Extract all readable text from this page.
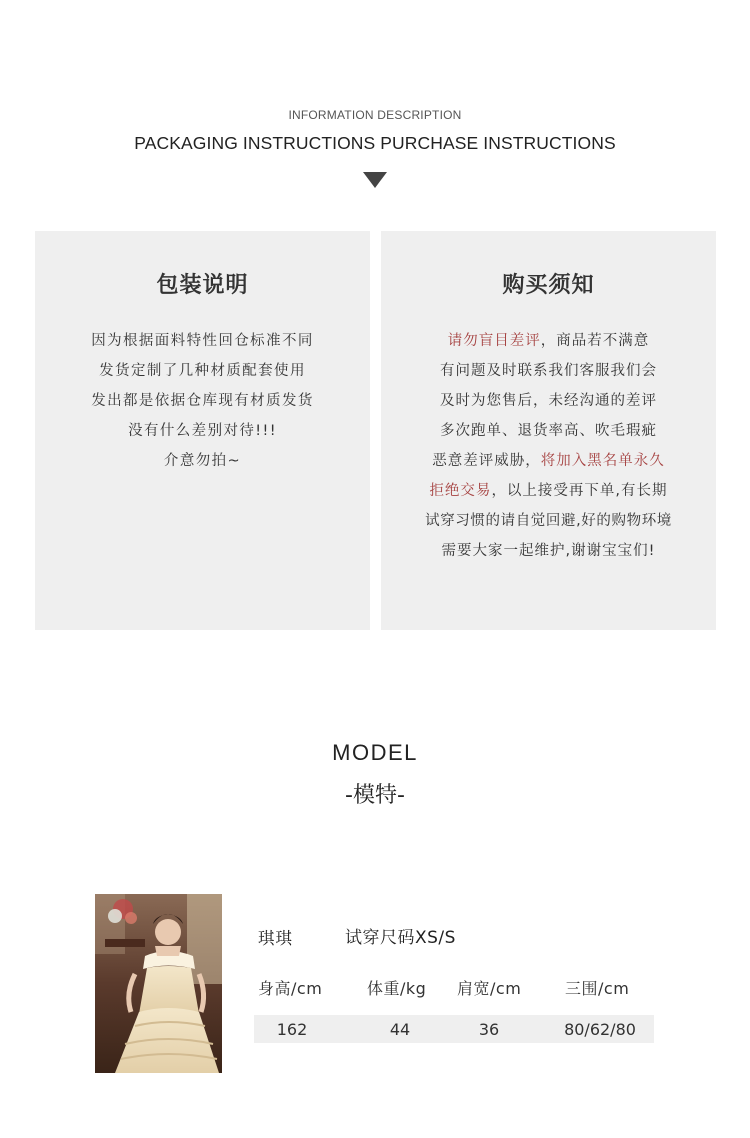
INFORMATION DESCRIPTION
PACKAGING INSTRUCTIONS PURCHASE INSTRUCTIONS
包装说明
因为根据面料特性回仓标准不同
发货定制了几种材质配套使用
发出都是依据仓库现有材质发货
没有什么差别对待!!!
介意勿拍~
购买须知
请勿盲目差评，商品若不满意
有问题及时联系我们客服我们会
及时为您售后，未经沟通的差评
多次跑单、退货率高、吹毛瑕疵
恶意差评威胁，将加入黑名单永久
拒绝交易，以上接受再下单,有长期
试穿习惯的请自觉回避,好的购物环境
需要大家一起维护,谢谢宝宝们!
MODEL
-模特-
琪琪	试穿尺码XS/S
身高/cm	体重/kg 肩宽/cm	三围/cm
162	44	36	80/62/80
